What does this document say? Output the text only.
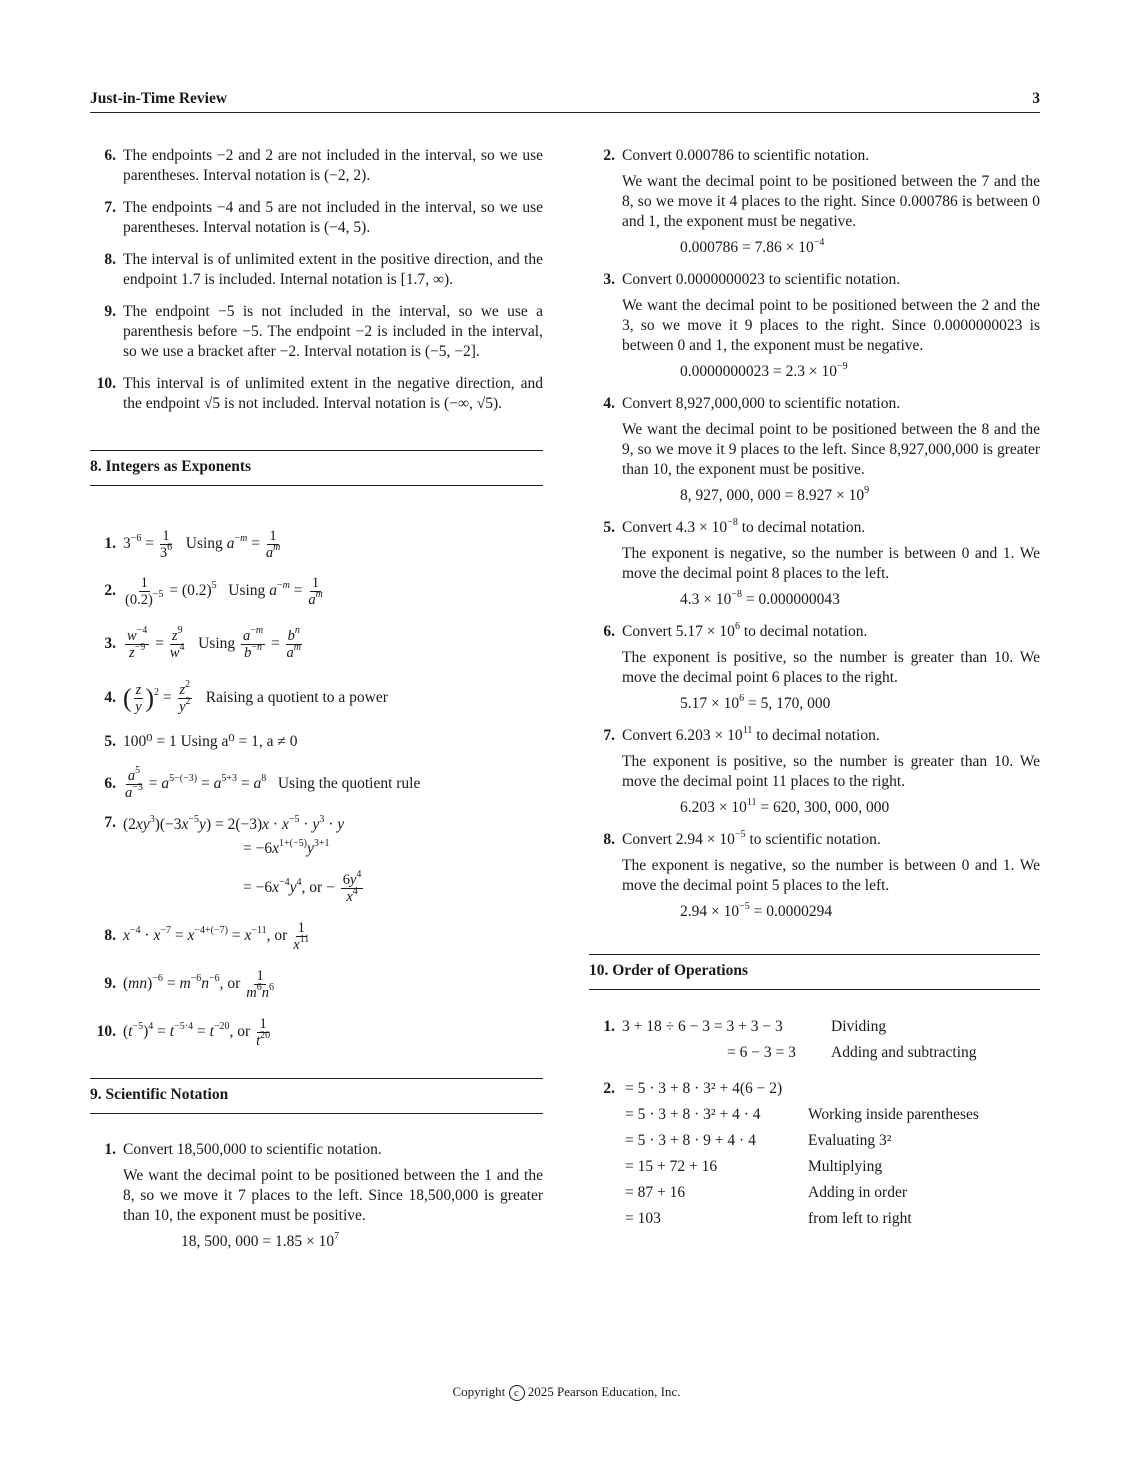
Just-in-Time Review	3
6. The endpoints −2 and 2 are not included in the interval, so we use parentheses. Interval notation is (−2, 2).
7. The endpoints −4 and 5 are not included in the interval, so we use parentheses. Interval notation is (−4, 5).
8. The interval is of unlimited extent in the positive direction, and the endpoint 1.7 is included. Internal notation is [1.7, ∞).
9. The endpoint −5 is not included in the interval, so we use a parenthesis before −5. The endpoint −2 is included in the interval, so we use a bracket after −2. Interval notation is (−5, −2].
10. This interval is of unlimited extent in the negative direction, and the endpoint √5 is not included. Interval notation is (−∞, √5).
8. Integers as Exponents
1. $3^{-6} = \frac{1}{3^6}$ Using $a^{-m} = \frac{1}{a^m}$
2. $\frac{1}{(0.2)^{-5}} = (0.2)^5$ Using $a^{-m} = \frac{1}{a^m}$
3. $\frac{w^{-4}}{z^{-9}} = \frac{z^9}{w^4}$ Using $\frac{a^{-m}}{b^{-n}} = \frac{b^n}{a^m}$
4. ( $\frac{z}{y} )^2 = \frac{z^2}{y^2}$ Raising a quotient to a power
5. 100⁰ = 1 Using a⁰ = 1, a ≠ 0
6. $\frac{a^5}{a^{-3}} = a^{5-(-3)} = a^{5+3} = a^8$ Using the quotient rule
7. $(2xy^3)(-3x^{-5}y) = 2(-3)x \cdot x^{-5} \cdot y^3 \cdot y$
= $-6x^{1+(-5)}y^{3+1}$
= $-6x^{-4}y^4$, or − $\frac{6y^4}{x^4}$
8. $x^{-4} \cdot x^{-7} = x^{-4+(-7)} = x^{-11}$, or $\frac{1}{x^{11}}$
9. $(mn)^{-6} = m^{-6}n^{-6}$, or $\frac{1}{m^6n^6}$
10. $(t^{-5})^4 = t^{-5\cdot 4} = t^{-20}$, or $\frac{1}{t^{20}}$
9. Scientific Notation
1. Convert 18,500,000 to scientific notation.
We want the decimal point to be positioned between the 1 and the 8, so we move it 7 places to the left. Since 18,500,000 is greater than 10, the exponent must be positive.
18, 500, $000 = 1.85 \times 10^7$
2. Convert 0.000786 to scientific notation.
We want the decimal point to be positioned between the 7 and the 8, so we move it 4 places to the right. Since 0.000786 is between 0 and 1, the exponent must be negative.
$0.000786 = 7.86 \times 10^{-4}$
3. Convert 0.0000000023 to scientific notation.
We want the decimal point to be positioned between the 2 and the 3, so we move it 9 places to the right. Since 0.0000000023 is between 0 and 1, the exponent must be negative.
$0.0000000023 = 2.3 \times 10^{-9}$
4. Convert 8,927,000,000 to scientific notation.
We want the decimal point to be positioned between the 8 and the 9, so we move it 9 places to the left. Since 8,927,000,000 is greater than 10, the exponent must be positive.
8, 927, 000, $000 = 8.927 \times 10^9$
5. Convert $4.3 \times 10^{-8}$ to decimal notation.
The exponent is negative, so the number is between 0 and 1. We move the decimal point 8 places to the left.
$4.3 \times 10^{-8} = 0.000000043$
6. Convert $5.17 \times 10^6$ to decimal notation.
The exponent is positive, so the number is greater than 10. We move the decimal point 6 places to the right.
$5.17 \times 10^6 = 5$, 170, 000
7. Convert $6.203 \times 10^{11}$ to decimal notation.
The exponent is positive, so the number is greater than 10. We move the decimal point 11 places to the right.
$6.203 \times 10^{11} = 620$, 300, 000, 000
8. Convert $2.94 \times 10^{-5}$ to scientific notation.
The exponent is negative, so the number is between 0 and 1. We move the decimal point 5 places to the left.
$2.94 \times 10^{-5} = 0.0000294$
10. Order of Operations
1. 3 + 18 ÷ 6 − 3 = 3 + 3 − 3	Dividing
= 6 − 3 = 3 Adding and subtracting
2. = 5 · 3 + 8 · 3² + 4(6 − 2)
= 5 · 3 + 8 · 3² + 4 · 4	Working inside parentheses
= 5 · 3 + 8 · 9 + 4 · 4	Evaluating 3²
= 15 + 72 + 16	Multiplying
= 87 + 16	Adding in order
= 103	from left to right
Copyright c 2025 Pearson Education, Inc.
